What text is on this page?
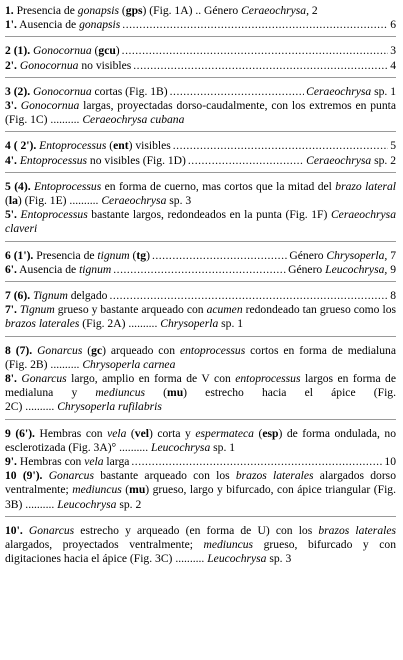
1. Presencia de gonapsis (gps) (Fig. 1A) .. Género Ceraeochrysa, 2
1'. Ausencia de gonapsis .....	6
2 (1). Gonocornua (gcu) .....	3
2'. Gonocornua no visibles .....	4
3 (2). Gonocornua cortas (Fig. 1B) .....	Ceraeochrysa sp. 1
3'. Gonocornua largas, proyectadas dorso-caudalmente, con los extremos en punta (Fig. 1C) .......... Ceraeochrysa cubana
4 ( 2'). Entoprocessus (ent) visibles .....	5
4'. Entoprocessus no visibles (Fig. 1D) .....	Ceraeochrysa sp. 2
5 (4). Entoprocessus en forma de cuerno, mas cortos que la mitad del brazo lateral (la) (Fig. 1E) .......... Ceraeochrysa sp. 3
5'. Entoprocessus bastante largos, redondeados en la punta (Fig. 1F) Ceraeochrysa claveri
6 (1'). Presencia de tignum (tg) .....	Género Chrysoperla, 7
6'. Ausencia de tignum .....	Género Leucochrysa, 9
7 (6). Tignum delgado .....	8
7'. Tignum grueso y bastante arqueado con acumen redondeado tan grueso como los brazos laterales (Fig. 2A) .......... Chrysoperla sp. 1
8 (7). Gonarcus (gc) arqueado con entoprocessus cortos en forma de medialuna (Fig. 2B) .......... Chrysoperla carnea
8'. Gonarcus largo, amplio en forma de V con entoprocessus largos en forma de medialuna y mediuncus (mu) estrecho hacia el ápice (Fig. 2C) .......... Chrysoperla rufilabris
9 (6'). Hembras con vela (vel) corta y espermateca (esp) de forma ondulada, no esclerotizada (Fig. 3A)° .......... Leucochrysa sp. 1
9'. Hembras con vela larga .....	10
10 (9'). Gonarcus bastante arqueado con los brazos laterales alargados dorso ventralmente; mediuncus (mu) grueso, largo y bifurcado, con ápice triangular (Fig. 3B) .......... Leucochrysa sp. 2
10'. Gonarcus estrecho y arqueado (en forma de U) con los brazos laterales alargados, proyectados ventralmente; mediuncus grueso, bifurcado y con digitaciones hacia el ápice (Fig. 3C) .......... Leucochrysa sp. 3
